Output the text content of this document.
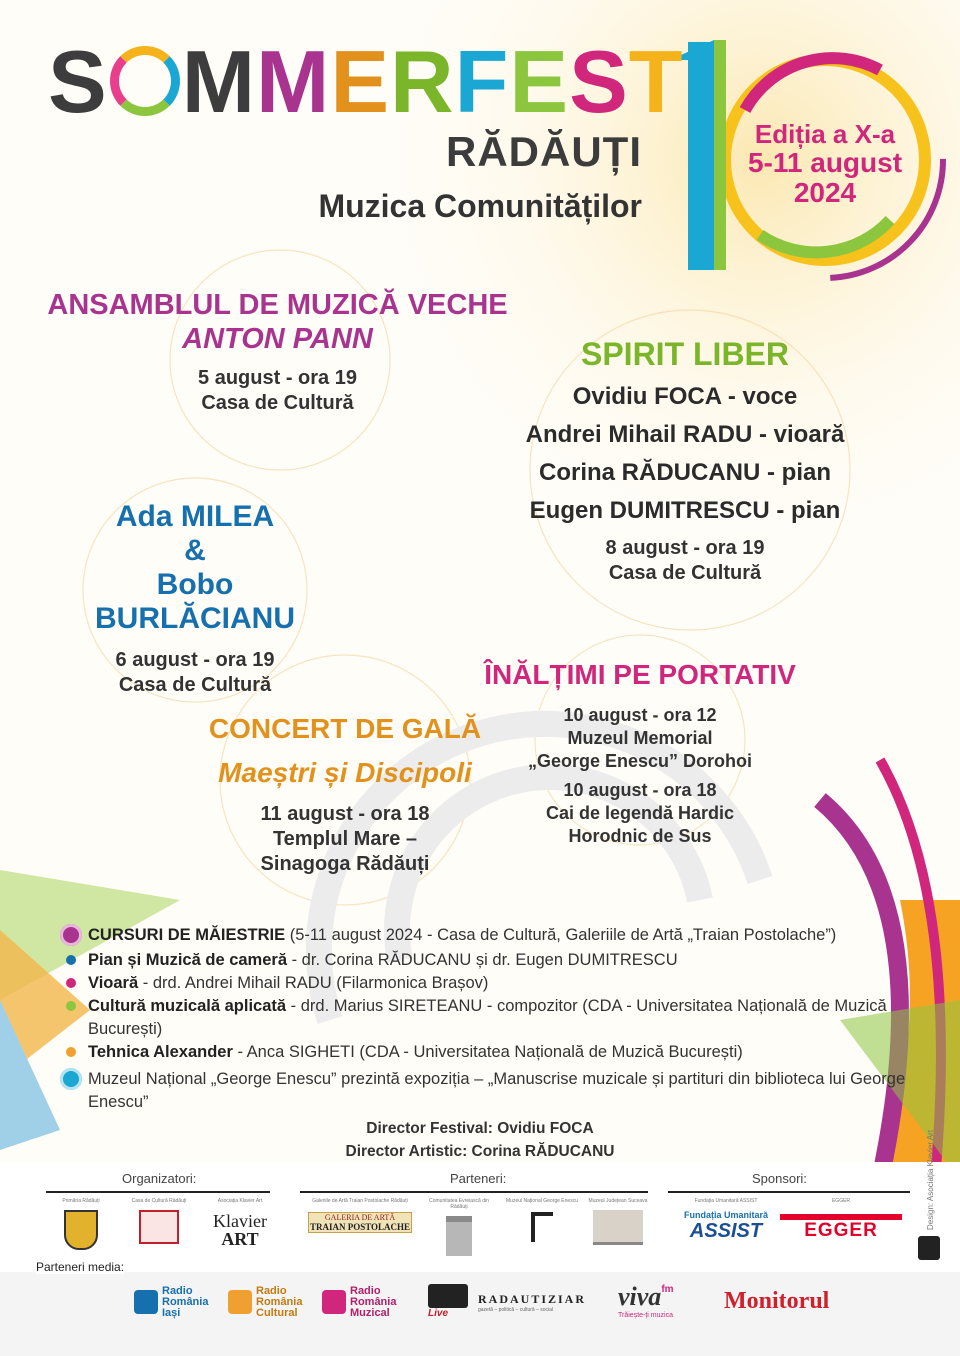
S MMERFEST
RĂDĂUȚI
Muzica Comunităților
Ediția a X-a
5-11 august
2024
ANSAMBLUL DE MUZICĂ VECHE
ANTON PANN
5 august - ora 19
Casa de Cultură
Ada MILEA
&
Bobo BURLĂCIANU
6 august - ora 19
Casa de Cultură
SPIRIT LIBER
Ovidiu FOCA - voce
Andrei Mihail RADU - vioară
Corina RĂDUCANU - pian
Eugen DUMITRESCU - pian
8 august - ora 19
Casa de Cultură
CONCERT DE GALĂ
Maeștri și Discipoli
11 august - ora 18
Templul Mare –
Sinagoga Rădăuți
ÎNĂLȚIMI PE PORTATIV
10 august - ora 12
Muzeul Memorial
„George Enescu” Dorohoi
10 august - ora 18
Cai de legendă Hardic
Horodnic de Sus
CURSURI DE MĂIESTRIE (5-11 august 2024 - Casa de Cultură, Galeriile de Artă „Traian Postolache”)
Pian și Muzică de cameră - dr. Corina RĂDUCANU și dr. Eugen DUMITRESCU
Vioară - drd. Andrei Mihail RADU (Filarmonica Brașov)
Cultură muzicală aplicată - drd. Marius SIRETEANU - compozitor (CDA - Universitatea Națională de Muzică București)
Tehnica Alexander - Anca SIGHETI (CDA - Universitatea Națională de Muzică București)
Muzeul Național „George Enescu” prezintă expoziția – „Manuscrise muzicale și partituri din biblioteca lui George Enescu”
Director Festival: Ovidiu FOCA
Director Artistic: Corina RĂDUCANU
Organizatori:	Parteneri:	Sponsori:
Primăria Rădăuți	Casa de Cultură Rădăuți	Asociația Klavier Art
Klavier
ART
Galeriile de Artă Traian Postolache Rădăuți
GALERIA DE ARTĂ
TRAIAN POSTOLACHE
Comunitatea Evreiască din Rădăuți
Muzeul Național George Enescu	Muzeul Județean Suceava	Fundația Umanitară ASSIST
Fundația Umanitară
ASSIST
EGGER
EGGER
Parteneri media:
Radio
România
Iași
Radio
România
Cultural
Radio
România
Muzical	Live
RADAUTIZIAR
gazetă – politică – cultură – social	vivafm
Trăiește-ți muzica
Monitorul
Design: Asociația Klavier Art
